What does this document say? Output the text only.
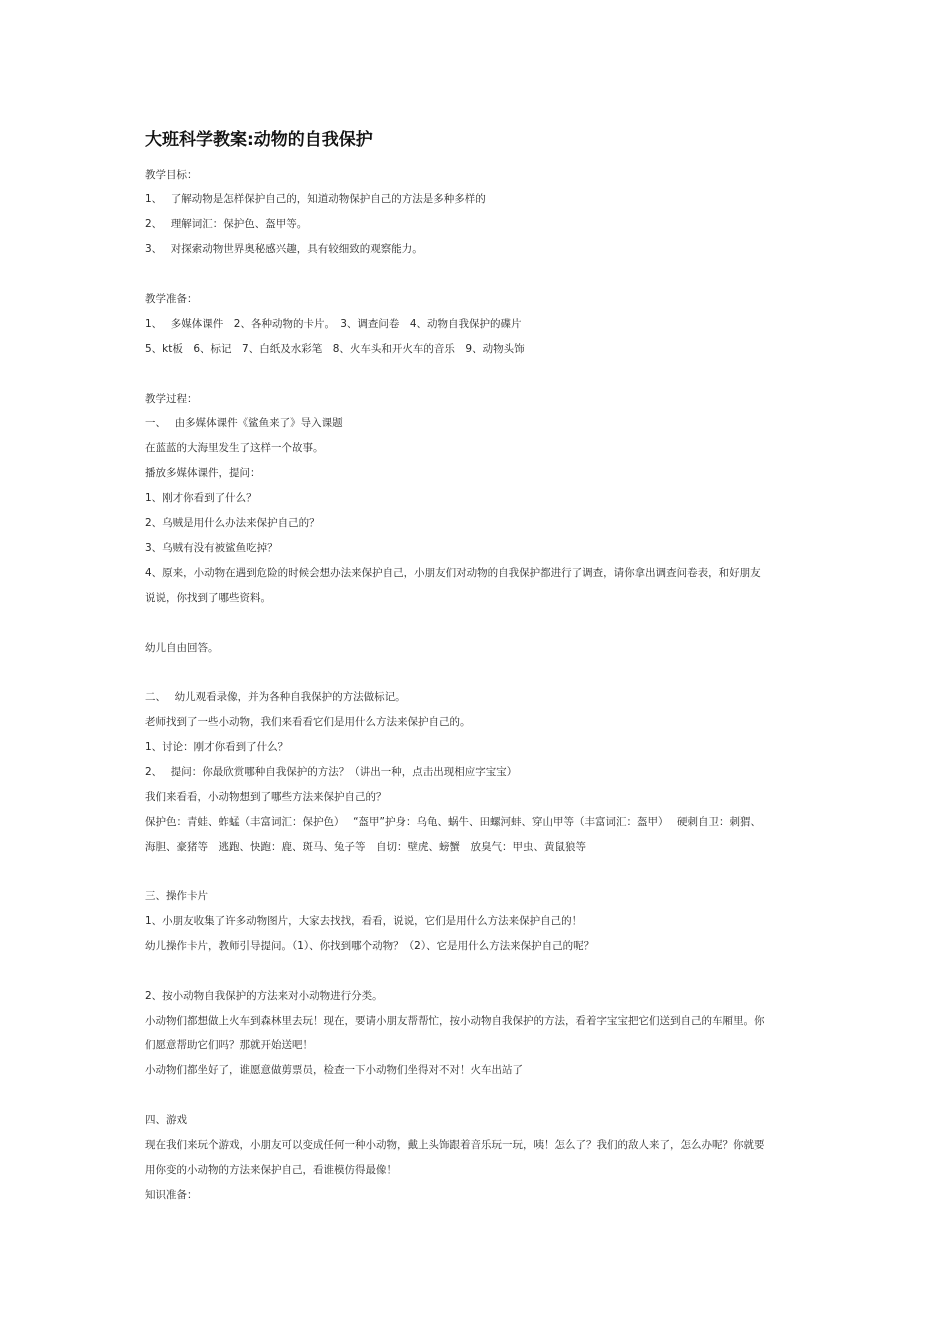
大班科学教案:动物的自我保护
教学目标：
1、　 了解动物是怎样保护自己的，知道动物保护自己的方法是多种多样的
2、　 理解词汇：保护色、盔甲等。
3、　 对探索动物世界奥秘感兴趣，具有较细致的观察能力。
教学准备：
1、　 多媒体课件　2、各种动物的卡片。　3、调查问卷　4、动物自我保护的碟片
5、kt板　6、标记　7、白纸及水彩笔　8、火车头和开火车的音乐　9、动物头饰
教学过程：
一、　 由多媒体课件《鲨鱼来了》导入课题
在蓝蓝的大海里发生了这样一个故事。
播放多媒体课件，提问：
1、刚才你看到了什么？
2、乌贼是用什么办法来保护自己的？
3、乌贼有没有被鲨鱼吃掉？
4、原来，小动物在遇到危险的时候会想办法来保护自己，小朋友们对动物的自我保护都进行了调查，请你拿出调查问卷表，和好朋友
说说，你找到了哪些资料。
幼儿自由回答。
二、　 幼儿观看录像，并为各种自我保护的方法做标记。
老师找到了一些小动物，我们来看看它们是用什么方法来保护自己的。
1、讨论：刚才你看到了什么？
2、　 提问：你最欣赏哪种自我保护的方法？（讲出一种，点击出现相应字宝宝）
我们来看看，小动物想到了哪些方法来保护自己的？
保护色：青蛙、蚱蜢（丰富词汇：保护色）　 “盔甲”护身：乌龟、蜗牛、田螺河蚌、穿山甲等（丰富词汇：盔甲）　 硬刺自卫：刺猬、
海胆、豪猪等　逃跑、快跑：鹿、斑马、兔子等　自切：壁虎、螃蟹　放臭气：甲虫、黄鼠狼等
三、操作卡片
1、小朋友收集了许多动物图片，大家去找找，看看，说说，它们是用什么方法来保护自己的！
幼儿操作卡片，教师引导提问。（1）、你找到哪个动物？（2）、它是用什么方法来保护自己的呢？
2、按小动物自我保护的方法来对小动物进行分类。
小动物们都想做上火车到森林里去玩！现在，要请小朋友帮帮忙，按小动物自我保护的方法，看着字宝宝把它们送到自己的车厢里。你
们愿意帮助它们吗？那就开始送吧！
小动物们都坐好了，谁愿意做剪票员，检查一下小动物们坐得对不对！火车出站了
四、游戏
现在我们来玩个游戏，小朋友可以变成任何一种小动物，戴上头饰跟着音乐玩一玩，咦！怎么了？我们的敌人来了，怎么办呢？你就要
用你变的小动物的方法来保护自己，看谁模仿得最像！
知识准备：
